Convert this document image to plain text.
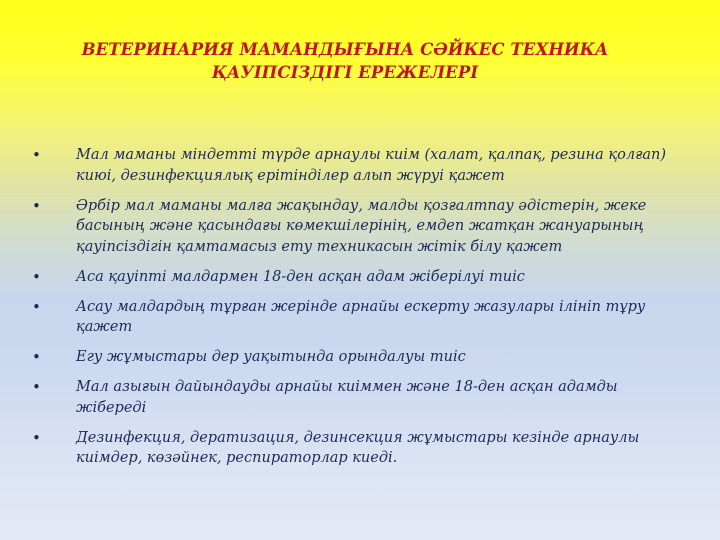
ВЕТЕРИНАРИЯ МАМАНДЫҒЫНА СӘЙКЕС ТЕХНИКА
ҚАУІПСІЗДІГІ ЕРЕЖЕЛЕРІ
• Мал маманы міндетті түрде арнаулы киім (халат, қалпақ, резина қолғап) киюі, дезинфекциялық ерітінділер алып жүруі қажет
• Әрбір мал маманы малға жақындау, малды қозғалтпау әдістерін, жеке басының және қасындағы көмекшілерінің, емдеп жатқан жануарының қауіпсіздігін қамтамасыз ету техникасын жітік білу қажет
• Аса қауіпті малдармен 18-ден асқан адам жіберілуі тиіс
• Асау малдардың тұрған жерінде арнайы ескерту жазулары ілініп тұру қажет
• Егу жұмыстары дер уақытында орындалуы тиіс
• Мал азығын дайындауды арнайы киіммен және 18-ден асқан адамды жібереді
• Дезинфекция, дератизация, дезинсекция жұмыстары кезінде арнаулы киімдер, көзәйнек, респираторлар киеді.
